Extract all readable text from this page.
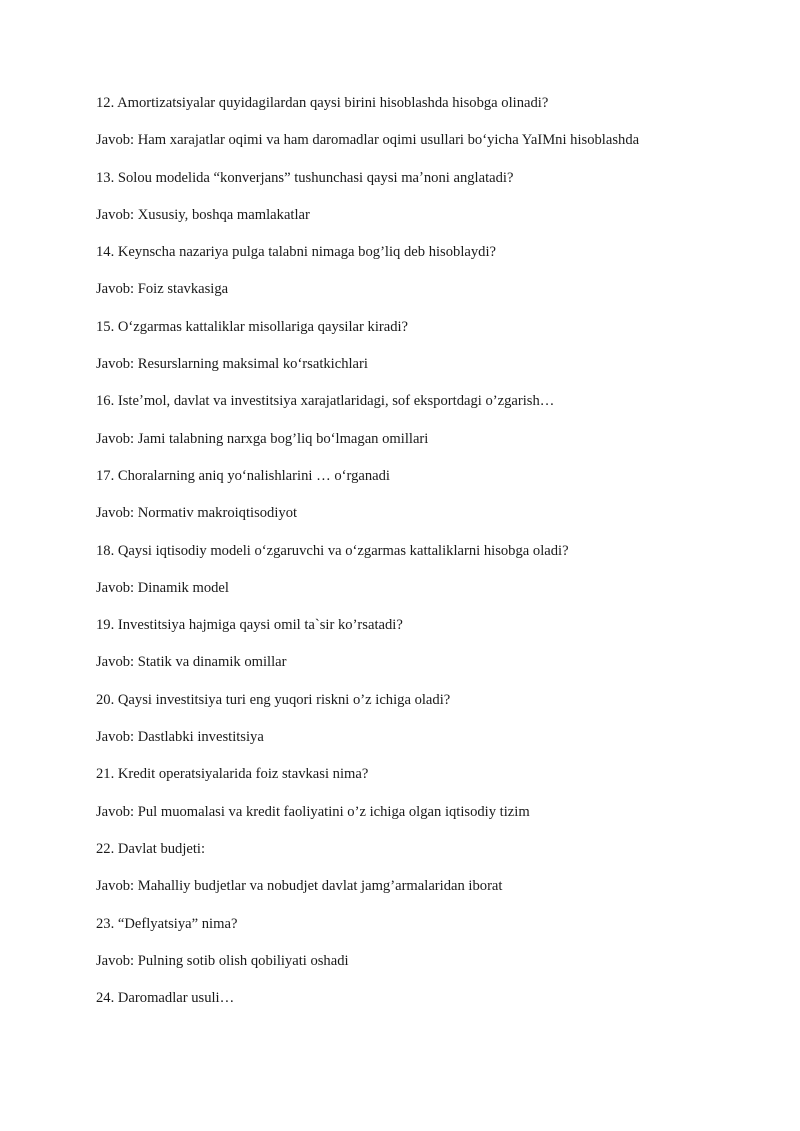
12. Amortizatsiyalar quyidagilardan qaysi birini hisoblashda hisobga olinadi?
Javob: Ham xarajatlar oqimi va ham daromadlar oqimi usullari bo‘yicha YaIMni hisoblashda
13. Solou modelida “konverjans” tushunchasi qaysi maʼnoni anglatadi?
Javob: Xususiy, boshqa mamlakatlar
14. Keynscha nazariya pulga talabni nimaga bog’liq deb hisoblaydi?
Javob: Foiz stavkasiga
15. O‘zgarmas kattaliklar misollariga qaysilar kiradi?
Javob: Resurslarning maksimal ko‘rsatkichlari
16. Isteʼmol, davlat va investitsiya xarajatlaridagi, sof eksportdagi o’zgarish…
Javob: Jami talabning narxga bog’liq bo‘lmagan omillari
17. Choralarning aniq yo‘nalishlarini … o‘rganadi
Javob: Normativ makroiqtisodiyot
18. Qaysi iqtisodiy modeli o‘zgaruvchi va o‘zgarmas kattaliklarni hisobga oladi?
Javob: Dinamik model
19. Investitsiya hajmiga qaysi omil ta`sir ko’rsatadi?
Javob: Statik va dinamik omillar
20. Qaysi investitsiya turi eng yuqori riskni o’z ichiga oladi?
Javob: Dastlabki investitsiya
21. Kredit operatsiyalarida foiz stavkasi nima?
Javob: Pul muomalasi va kredit faoliyatini o’z ichiga olgan iqtisodiy tizim
22. Davlat budjeti:
Javob: Mahalliy budjetlar va nobudjet davlat jamg’armalaridan iborat
23. “Deflyatsiya” nima?
Javob: Pulning sotib olish qobiliyati oshadi
24. Daromadlar usuli…
